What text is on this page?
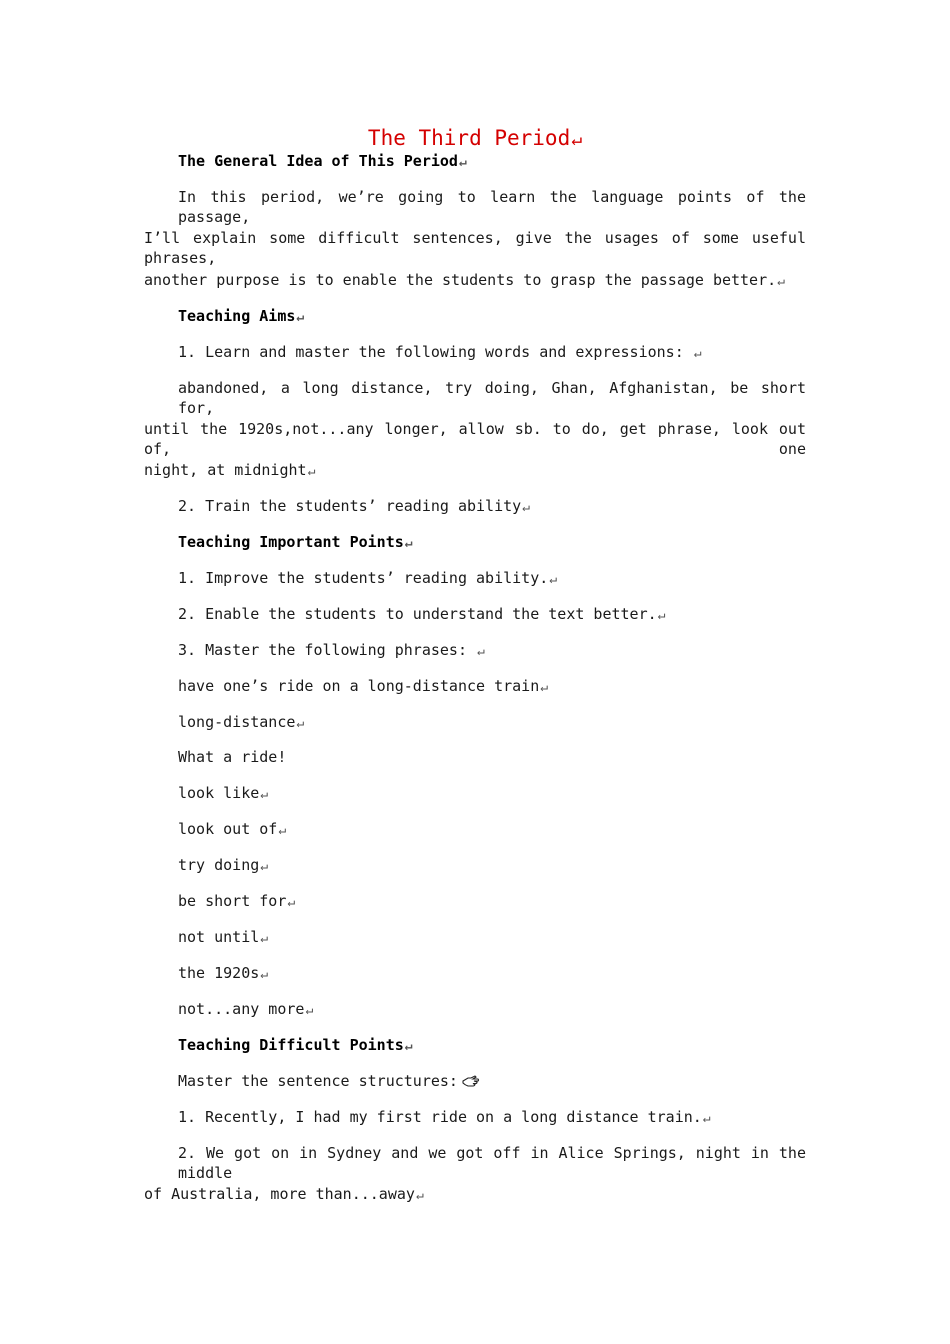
The Third Period↵
The General Idea of This Period↵
In this period, we’re going to learn the language points of the passage,
I’ll explain some difficult sentences, give the usages of some useful phrases,
another purpose is to enable the students to grasp the passage better.↵
Teaching Aims↵
1. Learn and master the following words and expressions: ↵
abandoned, a long distance, try doing, Ghan, Afghanistan, be short for,
until the 1920s,not...any longer, allow sb. to do, get phrase, look out of, one
night, at midnight↵
2. Train the students’ reading ability↵
Teaching Important Points↵
1. Improve the students’ reading ability.↵
2. Enable the students to understand the text better.↵
3. Master the following phrases: ↵
have one’s ride on a long-distance train↵
long-distance↵
What a ride!
look like↵
look out of↵
try doing↵
be short for↵
not until↵
the 1920s↵
not...any more↵
Teaching Difficult Points↵
Master the sentence structures:
1. Recently, I had my first ride on a long distance train.↵
2. We got on in Sydney and we got off in Alice Springs, night in the middle
of Australia, more than...away↵
